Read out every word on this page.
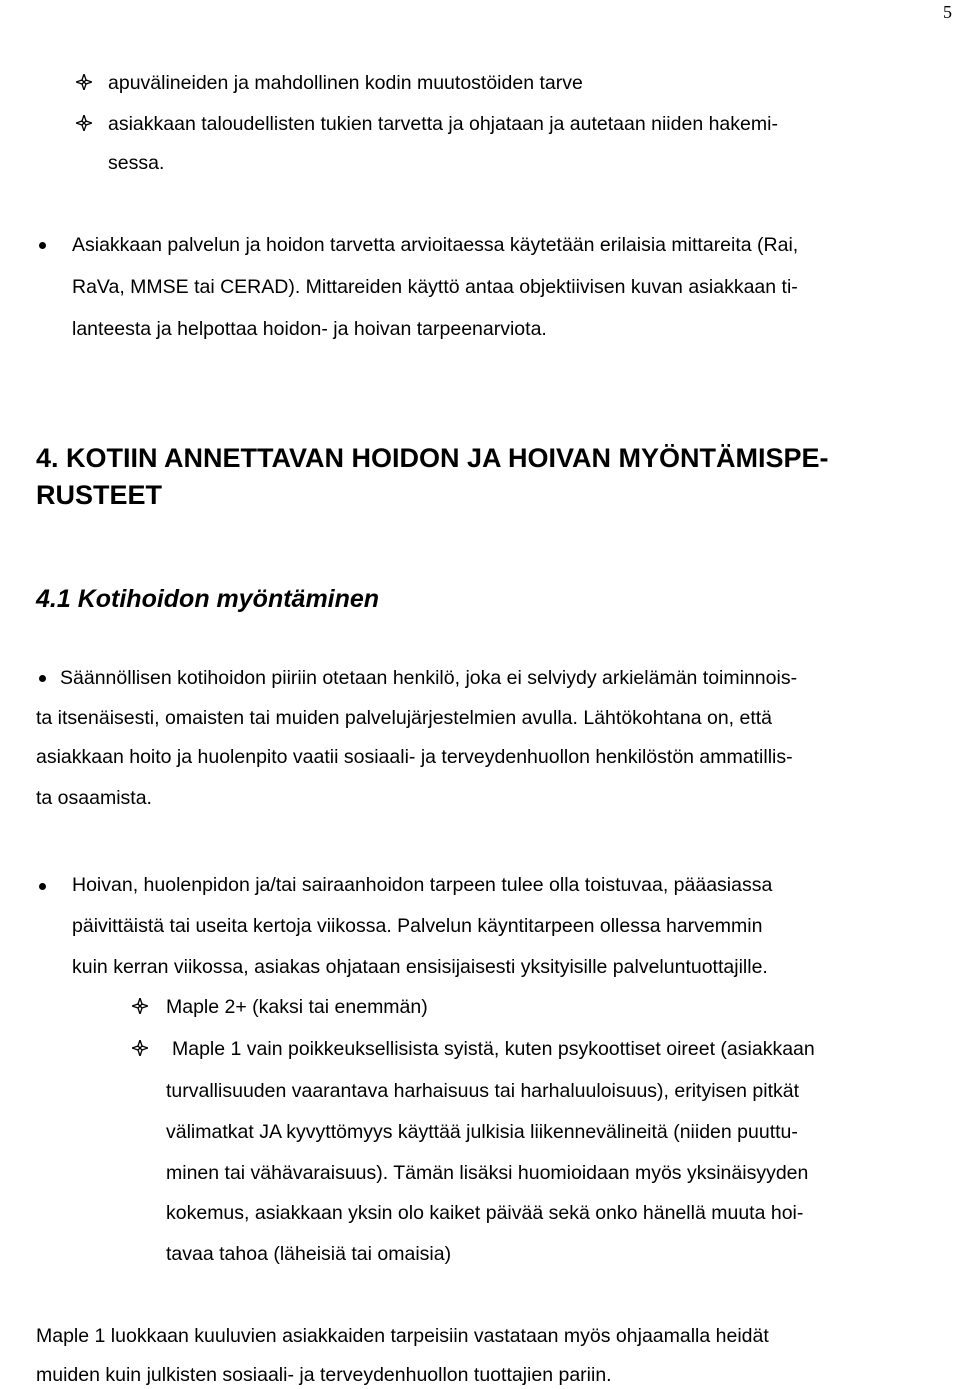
5
apuvälineiden ja mahdollinen kodin muutostöiden tarve
asiakkaan taloudellisten tukien tarvetta ja ohjataan ja autetaan niiden hakemi-
sessa.
Asiakkaan palvelun ja hoidon tarvetta arvioitaessa käytetään erilaisia mittareita (Rai,
RaVa, MMSE tai CERAD). Mittareiden käyttö antaa objektiivisen kuvan asiakkaan ti-
lanteesta ja helpottaa hoidon- ja hoivan tarpeenarviota.
4. KOTIIN ANNETTAVAN HOIDON JA HOIVAN MYÖNTÄMISPE-
RUSTEET
4.1 Kotihoidon myöntäminen
Säännöllisen kotihoidon piiriin otetaan henkilö, joka ei selviydy arkielämän toiminnois-
ta itsenäisesti, omaisten tai muiden palvelujärjestelmien avulla. Lähtökohtana on, että
asiakkaan hoito ja huolenpito vaatii sosiaali- ja terveydenhuollon henkilöstön ammatillis-
ta osaamista.
Hoivan, huolenpidon ja/tai sairaanhoidon tarpeen tulee olla toistuvaa, pääasiassa
päivittäistä tai useita kertoja viikossa. Palvelun käyntitarpeen ollessa harvemmin
kuin kerran viikossa, asiakas ohjataan ensisijaisesti yksityisille palveluntuottajille.
Maple 2+ (kaksi tai enemmän)
Maple 1 vain poikkeuksellisista syistä, kuten psykoottiset oireet (asiakkaan
turvallisuuden vaarantava harhaisuus tai harhaluuloisuus), erityisen pitkät
välimatkat JA kyvyttömyys käyttää julkisia liikennevälineitä (niiden puuttu-
minen tai vähävaraisuus). Tämän lisäksi huomioidaan myös yksinäisyyden
kokemus, asiakkaan yksin olo kaiket päivää sekä onko hänellä muuta hoi-
tavaa tahoa (läheisiä tai omaisia)
Maple 1 luokkaan kuuluvien asiakkaiden tarpeisiin vastataan myös ohjaamalla heidät
muiden kuin julkisten sosiaali- ja terveydenhuollon tuottajien pariin.
